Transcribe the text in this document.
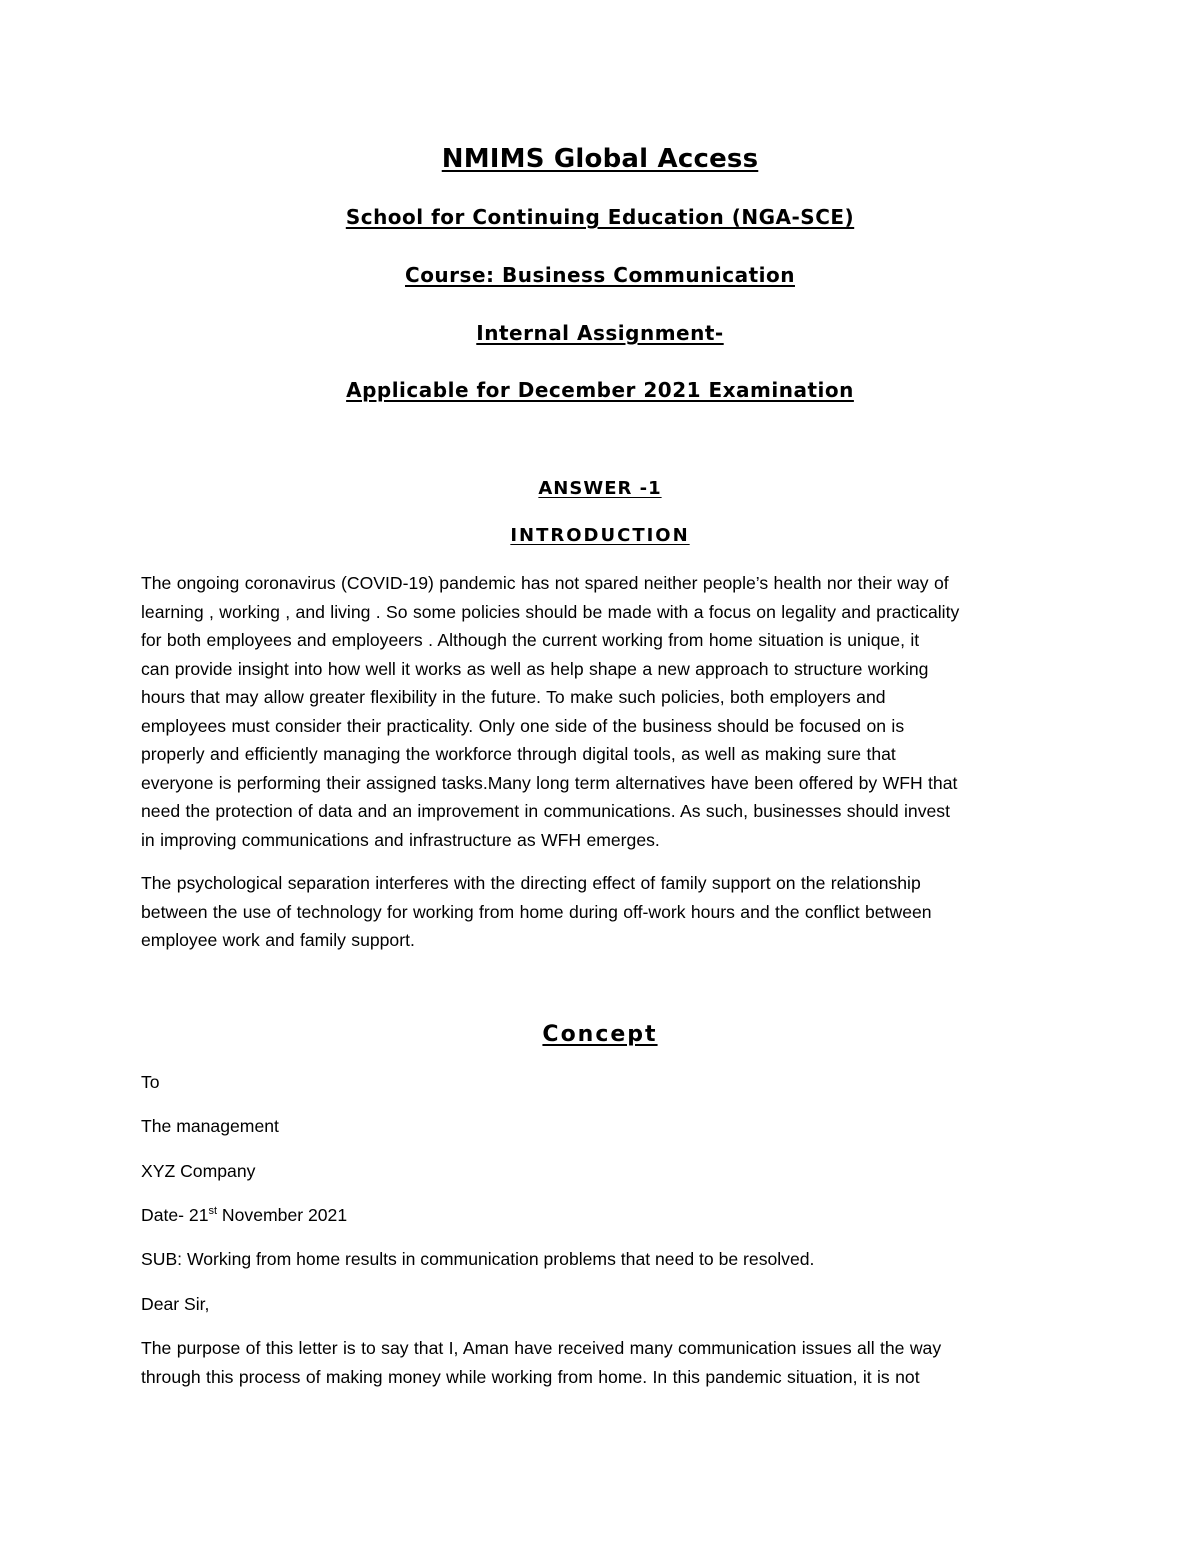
NMIMS Global Access
School for Continuing Education (NGA-SCE)
Course: Business Communication
Internal Assignment-
Applicable for December 2021 Examination
ANSWER -1
INTRODUCTION
The ongoing coronavirus (COVID-19) pandemic has not spared neither people’s health nor their way of
learning , working , and living . So some policies should be made with a focus on legality and practicality
for both employees and employeers . Although the current working from home situation is unique, it
can provide insight into how well it works as well as help shape a new approach to structure working
hours that may allow greater flexibility in the future. To make such policies, both employers and
employees must consider their practicality. Only one side of the business should be focused on is
properly and efficiently managing the workforce through digital tools, as well as making sure that
everyone is performing their assigned tasks.Many long term alternatives have been offered by WFH that
need the protection of data and an improvement in communications. As such, businesses should invest
in improving communications and infrastructure as WFH emerges.
The psychological separation interferes with the directing effect of family support on the relationship
between the use of technology for working from home during off-work hours and the conflict between
employee work and family support.
Concept
To
The management
XYZ Company
Date- 21st November 2021
SUB: Working from home results in communication problems that need to be resolved.
Dear Sir,
The purpose of this letter is to say that I, Aman have received many communication issues all the way
through this process of making money while working from home. In this pandemic situation, it is not
